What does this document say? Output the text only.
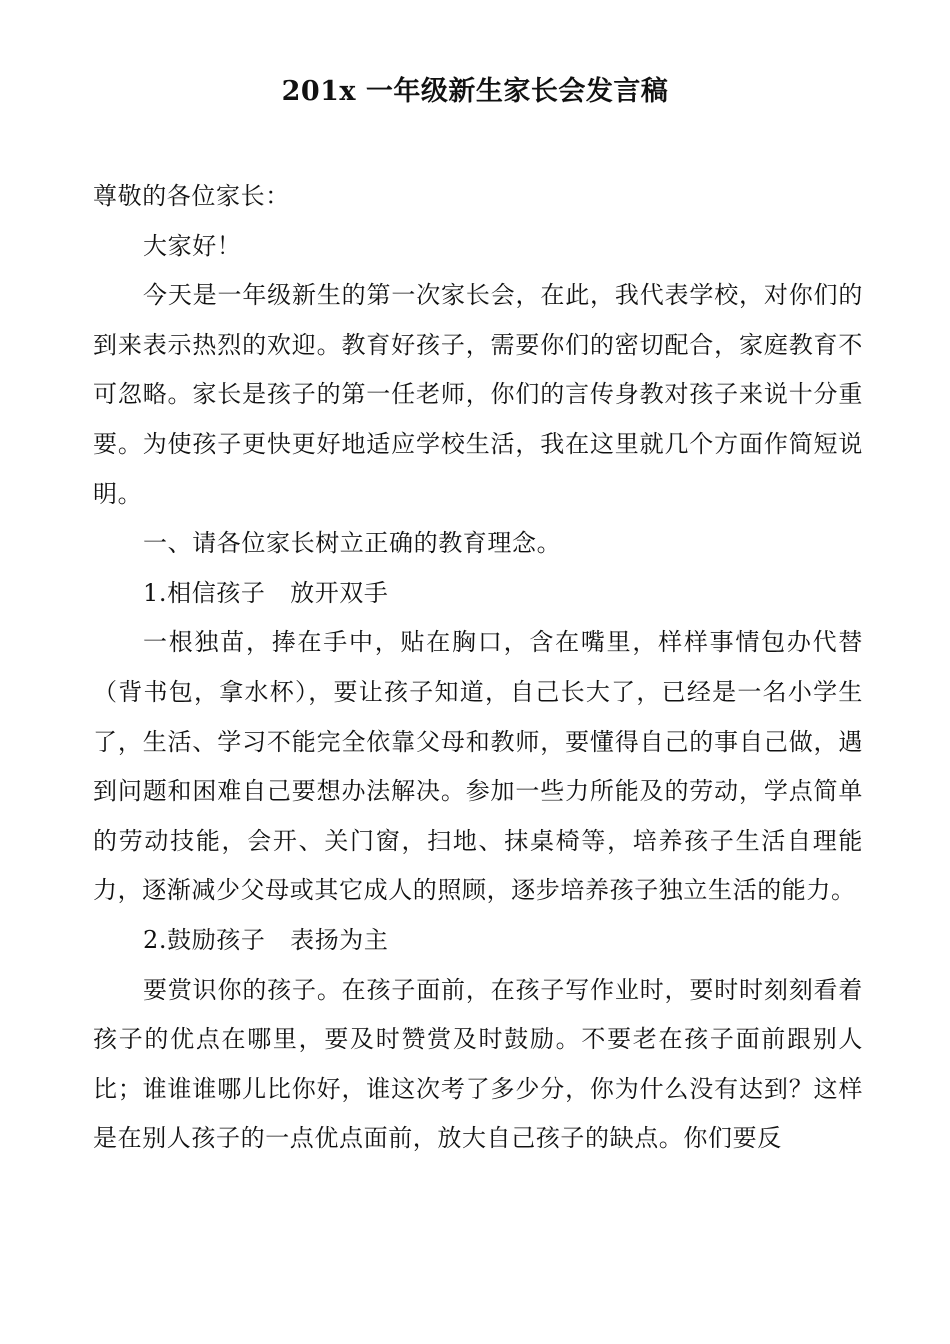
201x 一年级新生家长会发言稿

尊敬的各位家长：

大家好！

今天是一年级新生的第一次家长会，在此，我代表学校，对你们的到来表示热烈的欢迎。教育好孩子，需要你们的密切配合，家庭教育不可忽略。家长是孩子的第一任老师，你们的言传身教对孩子来说十分重要。为使孩子更快更好地适应学校生活，我在这里就几个方面作简短说明。

一、请各位家长树立正确的教育理念。

1.相信孩子　放开双手

一根独苗，捧在手中，贴在胸口，含在嘴里，样样事情包办代替（背书包，拿水杯），要让孩子知道，自己长大了，已经是一名小学生了，生活、学习不能完全依靠父母和教师，要懂得自己的事自己做，遇到问题和困难自己要想办法解决。参加一些力所能及的劳动，学点简单的劳动技能，会开、关门窗，扫地、抹桌椅等，培养孩子生活自理能力，逐渐减少父母或其它成人的照顾，逐步培养孩子独立生活的能力。

2.鼓励孩子　表扬为主

要赏识你的孩子。在孩子面前，在孩子写作业时，要时时刻刻看着孩子的优点在哪里，要及时赞赏及时鼓励。不要老在孩子面前跟别人比；谁谁谁哪儿比你好，谁这次考了多少分，你为什么没有达到？这样是在别人孩子的一点优点面前，放大自己孩子的缺点。你们要反
